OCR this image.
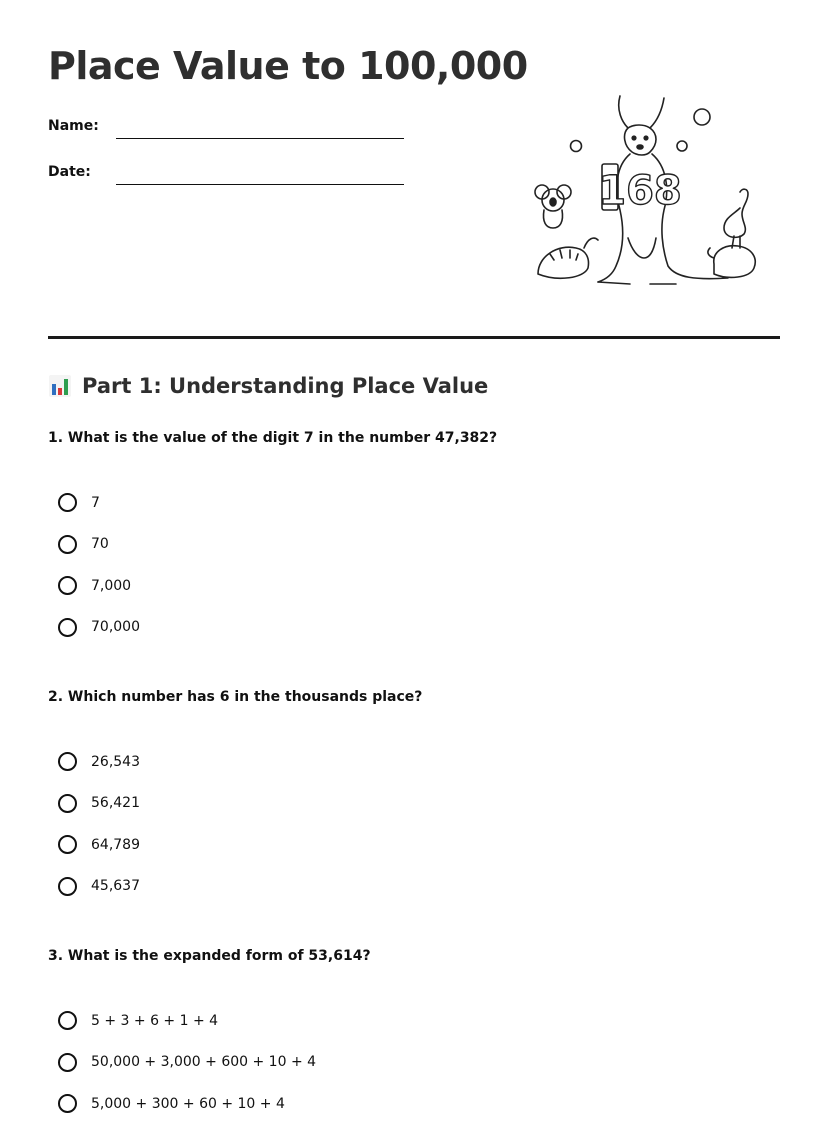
Place Value to 100,000
Name:
Date:	168
Part 1: Understanding Place Value

1. What is the value of the digit 7 in the number 47,382?

7
70
7,000
70,000

2. Which number has 6 in the thousands place?

26,543
56,421
64,789
45,637

3. What is the expanded form of 53,614?

5 + 3 + 6 + 1 + 4
50,000 + 3,000 + 600 + 10 + 4
5,000 + 300 + 60 + 10 + 4
